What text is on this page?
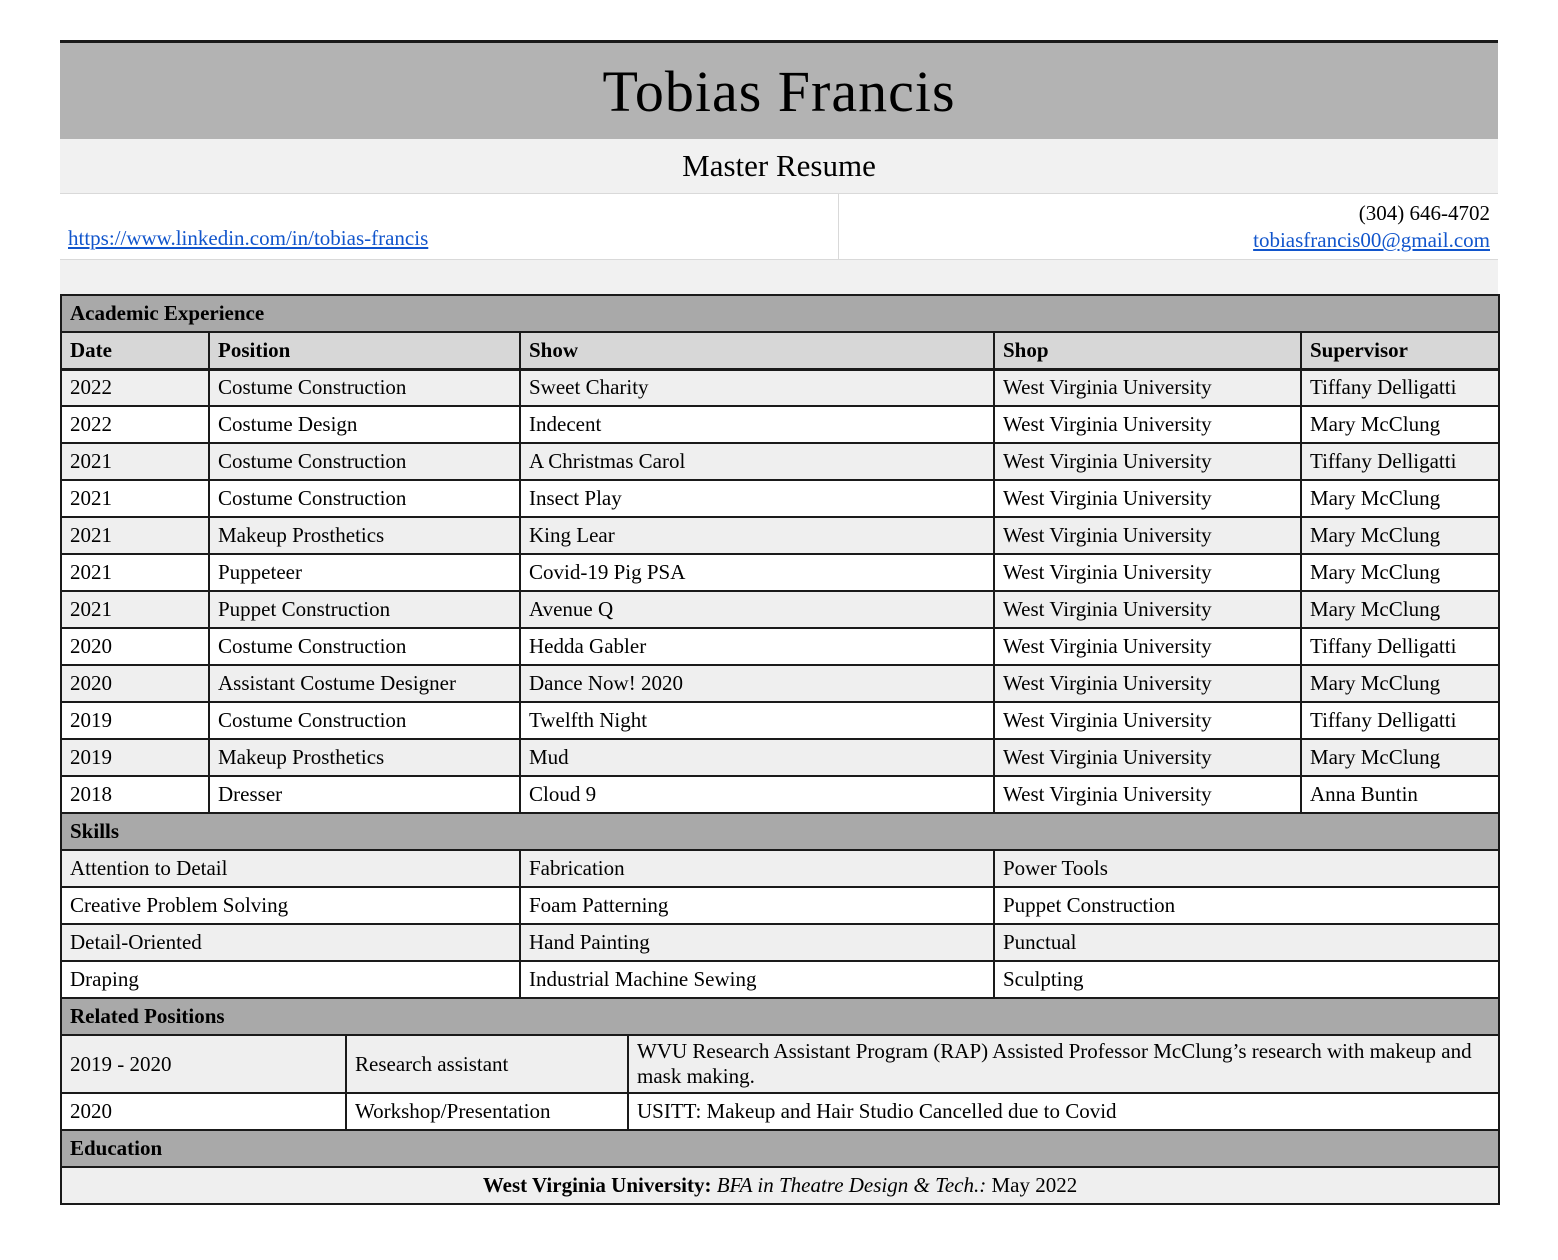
Tobias Francis
Master Resume
https://www.linkedin.com/in/tobias-francis
(304) 646-4702
tobiasfrancis00@gmail.com
Academic Experience						
Date	Position		Show		Shop	Supervisor
2022	Costume Construction		Sweet Charity		West Virginia University	Tiffany Delligatti
2022	Costume Design		Indecent		West Virginia University	Mary McClung
2021	Costume Construction		A Christmas Carol		West Virginia University	Tiffany Delligatti
2021	Costume Construction		Insect Play		West Virginia University	Mary McClung
2021	Makeup Prosthetics		King Lear		West Virginia University	Mary McClung
2021	Puppeteer		Covid-19 Pig PSA		West Virginia University	Mary McClung
2021	Puppet Construction		Avenue Q		West Virginia University	Mary McClung
2020	Costume Construction		Hedda Gabler		West Virginia University	Tiffany Delligatti
2020	Assistant Costume Designer		Dance Now! 2020		West Virginia University	Mary McClung
2019	Costume Construction		Twelfth Night		West Virginia University	Tiffany Delligatti
2019	Makeup Prosthetics		Mud		West Virginia University	Mary McClung
2018	Dresser		Cloud 9		West Virginia University	Anna Buntin
Skills						
Attention to Detail			Fabrication		Power Tools	
Creative Problem Solving			Foam Patterning		Puppet Construction	
Detail-Oriented			Hand Painting		Punctual	
Draping			Industrial Machine Sewing		Sculpting	
Related Positions						
2019 - 2020		Research assistant		WVU Research Assistant Program (RAP) Assisted Professor McClung’s research with makeup and mask making.		
2020		Workshop/Presentation		USITT: Makeup and Hair Studio Cancelled due to Covid		
Education						
West Virginia University: BFA in Theatre Design & Tech.: May 2022						
